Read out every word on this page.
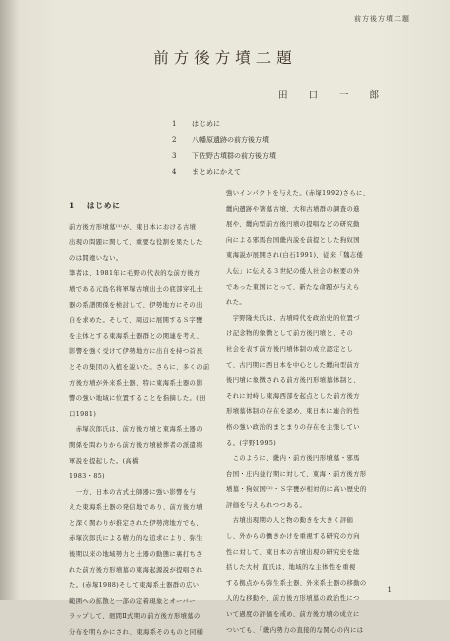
前方後方墳二題
前方後方墳二題
田 口 一 郎
1	はじめに
2	八幡原遺跡の前方後方墳
3	下佐野古墳群の前方後方墳
4	まとめにかえて
1 はじめに

前方後方形墳墓⁽¹⁾が、東日本における古墳

出現の問題に関して、重要な役割を果たした

のは間違いない。

筆者は、1981年に毛野の代表的な前方後方

墳である元島名将軍塚古墳出土の底部穿孔土

器の系譜関係を検討して、伊勢地方にその出

自を求めた。そして、周辺に展開するＳ字甕

を主体とする東海系土器群との関連を考え、

影響を強く受けて伊勢地方に出自を持つ首長

とその集団の入植を説いた。さらに、多くの前

方後方墳が外来系土器、特に東海系土器の影

響の強い地域に位置することを指摘した。(田

口1981)

　赤塚次郎氏は、前方後方墳と東海系土器の

関係を問わりから前方後方墳被葬者の派遣将

軍説を提起した。(高橋

1983・85)

　一方、日本の古式土師器に強い影響を与

えた東海系土器の発信地であり、前方後方墳

と深く関わりが推定された伊勢湾地方でも、

赤塚次郎氏による精力的な追求により、弥生

後期以来の地域勢力と土器の動態に裏打ちさ

れた前方後方形墳墓の東海起源説が提唱され

た。(赤塚1988)そして東海系土器群の広い

範囲への拡散と一部の定着現象とオーバー

ラップして、廻間Ⅱ式期の前方後方形墳墓の

分布を明らかにされ、東海系そのものと同様

強いインパクトを与えた。(赤塚1992)さらに、

纒向遺跡や箸墓古墳、大和古墳群の調査の進

展や、纒向型前方後円墳の提唱などの研究動

向による邪馬台国畿内説を前提とした狗奴国

東海説が展開され(白石1991)、従来「魏志倭

人伝」に伝える３世紀の倭人社会の枢要の外

であった東国にとって、新たな命題が与えら

れた。

　宇野隆夫氏は、古墳時代を政治史的位置づ

け記念物的象徴として前方後円墳と、その

社会を表す前方後円墳体制の成立認定とし

て、古円期に西日本を中心とした纒向型前方

後円墳に象徴される前方後円形墳墓体制と、

それに対峙し東海西部を起点とした前方後方

形墳墓体制の存在を認め、東日本に連合的性

格の強い政治的まとまりの存在を主張してい

る。(宇野1995)

　このように、畿内・前方後円形墳墓・邪馬

台国・庄内並行期に対して、東海・前方後方形

墳墓・狗奴国⁽²⁾・Ｓ字甕が相対的に高い歴史的

評価を与えられつつある。

　古墳出現期の人と物の動きを大きく評価

し、外からの働きかけを重視する研究の方向

性に対して、東日本の古墳出現の研究史を総

括した大村 直氏は、地域的な主体性を重視

する拠点から弥生系土器、外来系土器の移動の

人的な移動や、前方後方形墳墓の政治性につ

いて過度の評価を戒め、前方後方墳の成立に

ついても、「畿内勢力の直接的な関心の内には

1
